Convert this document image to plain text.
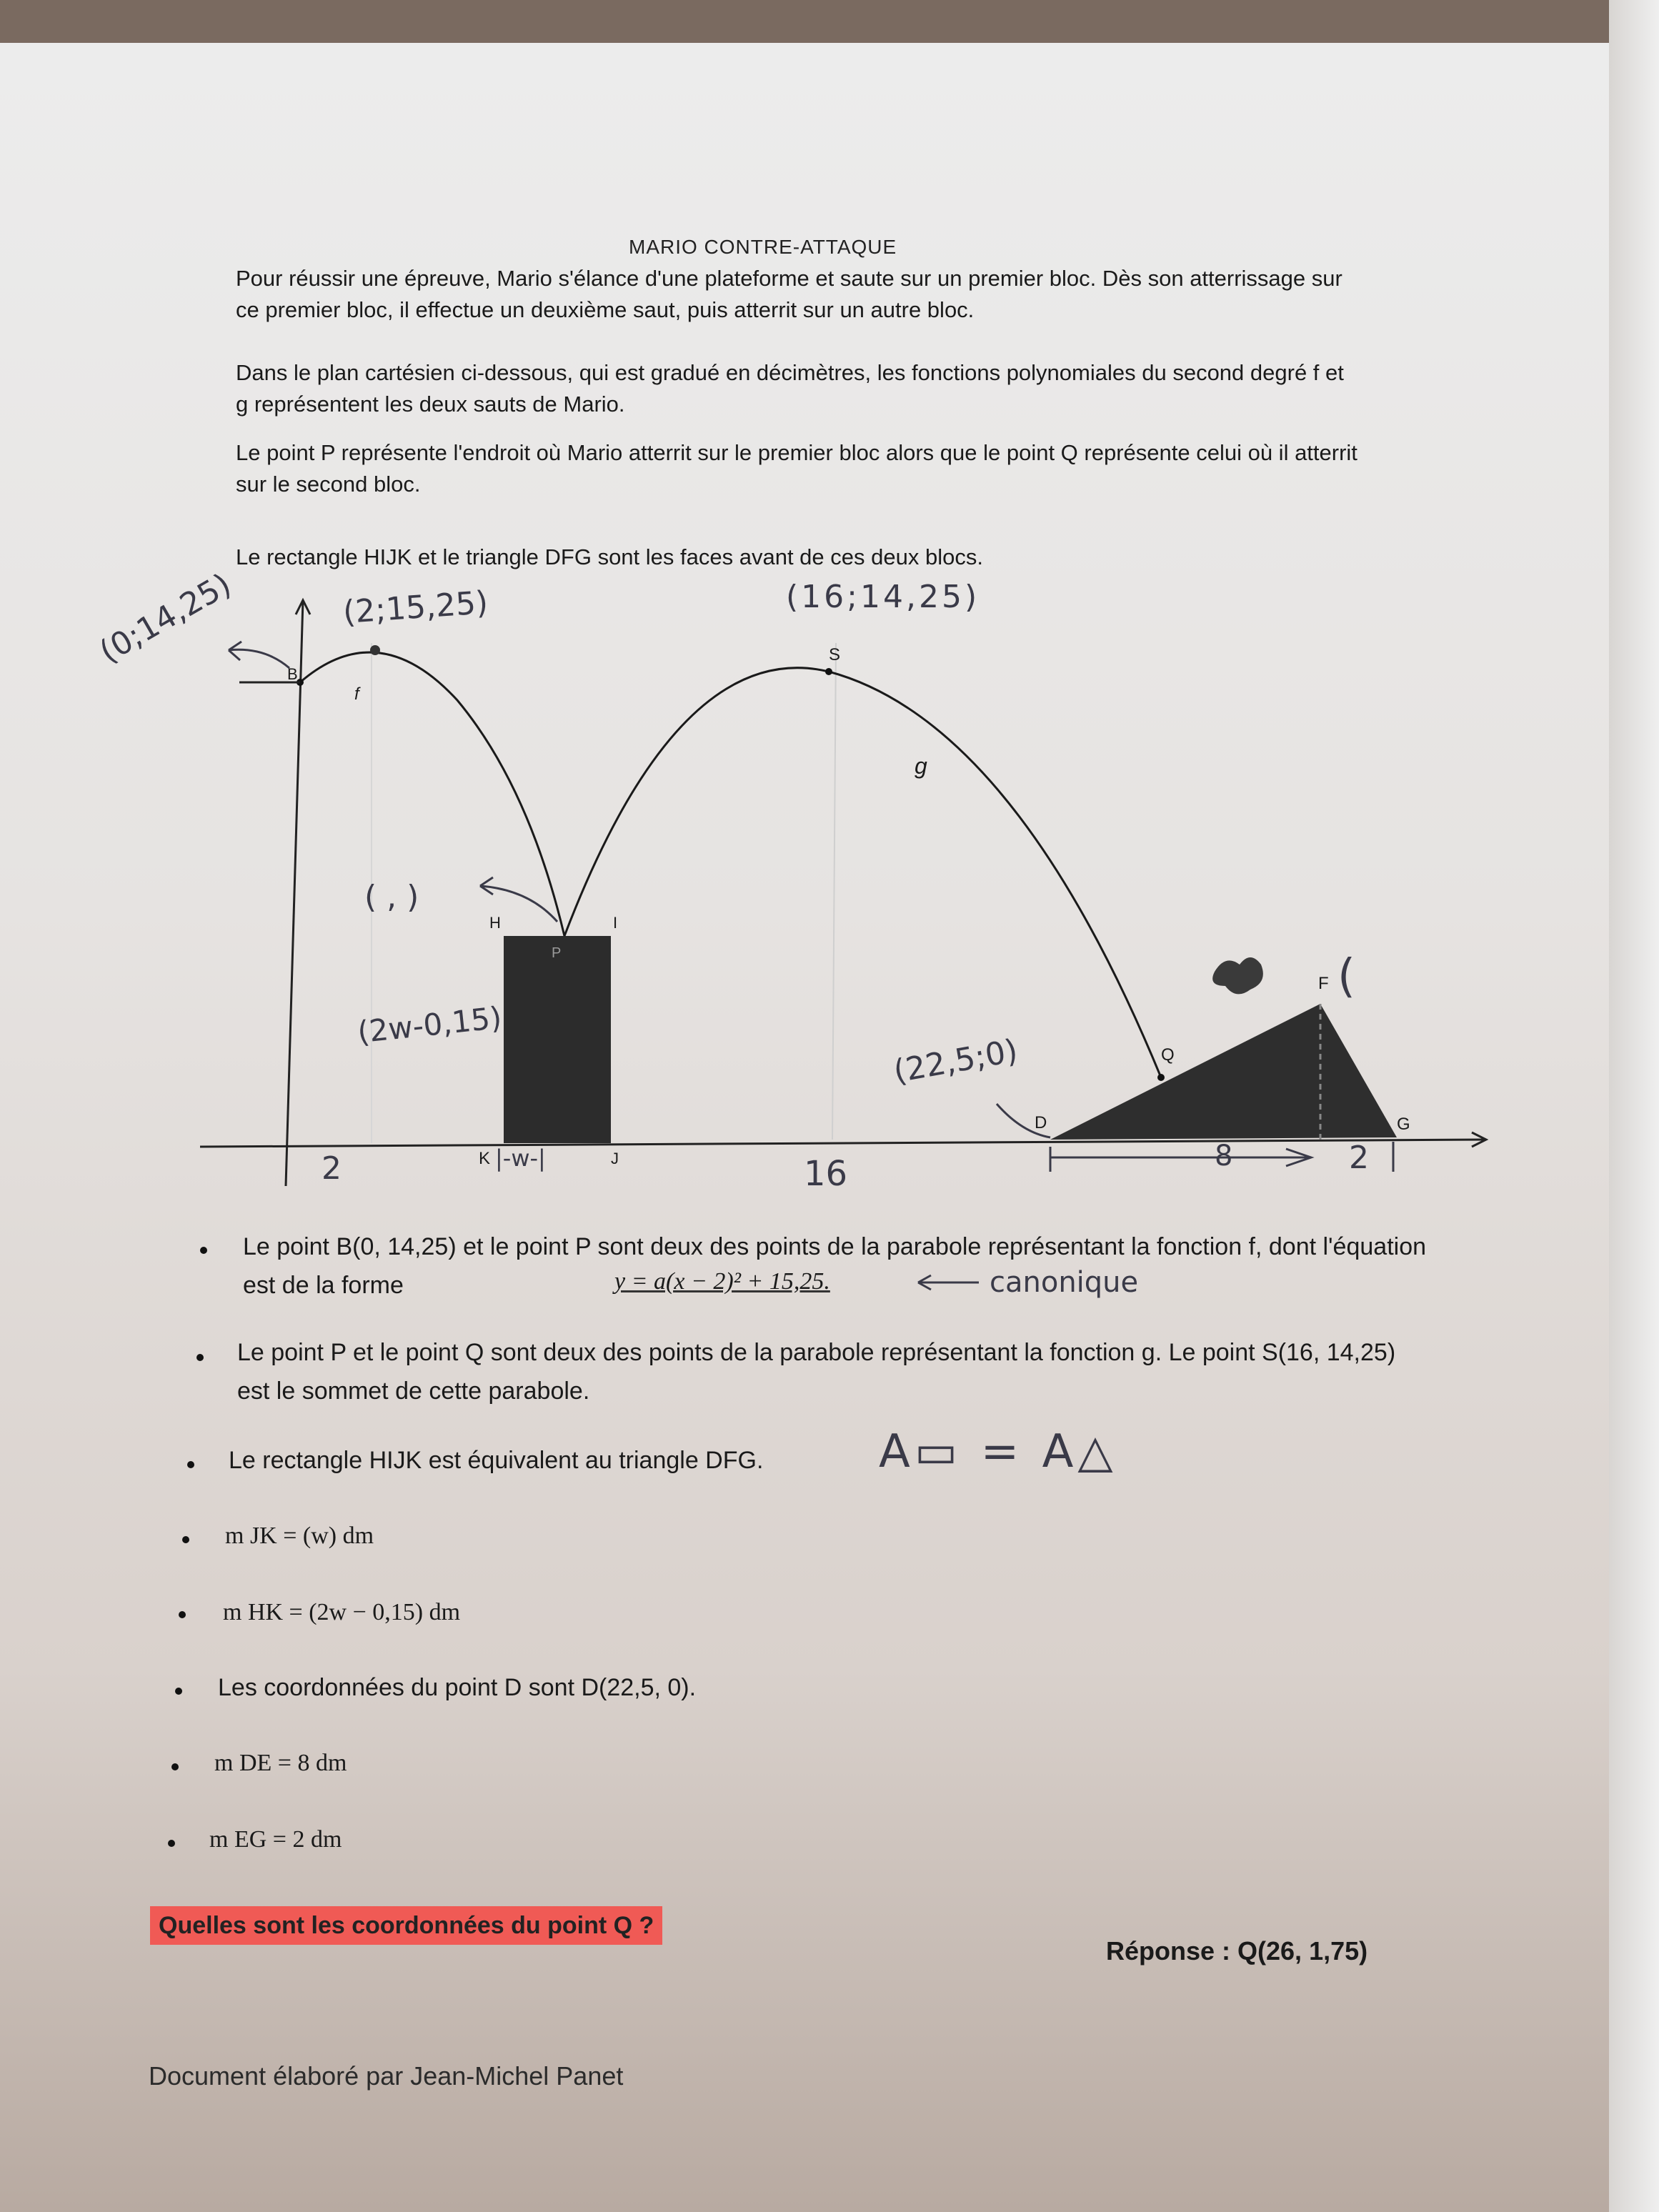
MARIO CONTRE-ATTAQUE
Pour réussir une épreuve, Mario s'élance d'une plateforme et saute sur un premier bloc. Dès son atterrissage sur ce premier bloc, il effectue un deuxième saut, puis atterrit sur un autre bloc.
Dans le plan cartésien ci-dessous, qui est gradué en décimètres, les fonctions polynomiales du second degré f et g représentent les deux sauts de Mario.
Le point P représente l'endroit où Mario atterrit sur le premier bloc alors que le point Q représente celui où il atterrit sur le second bloc.
Le rectangle HIJK et le triangle DFG sont les faces avant de ces deux blocs.
B
f
S
g
H	I
P
K	J
Q
D
F
G
(0;14,25)	(2;15,25)	(16;14,25)
( , )
(2w-0,15)
(22,5;0)
2	|-w-|	16	8	2
(
Le point B(0, 14,25) et le point P sont deux des points de la parabole représentant la fonction f, dont l'équation est de la forme	y = a(x − 2)² + 15,25.	canonique
Le point P et le point Q sont deux des points de la parabole représentant la fonction g. Le point S(16, 14,25) est le sommet de cette parabole.
Le rectangle HIJK est équivalent au triangle DFG.	A▭ = A△
m JK = (w) dm
m HK = (2w − 0,15) dm
Les coordonnées du point D sont D(22,5, 0).
m DE = 8 dm
m EG = 2 dm
Quelles sont les coordonnées du point Q ?
Réponse : Q(26, 1,75)
Document élaboré par Jean-Michel Panet
